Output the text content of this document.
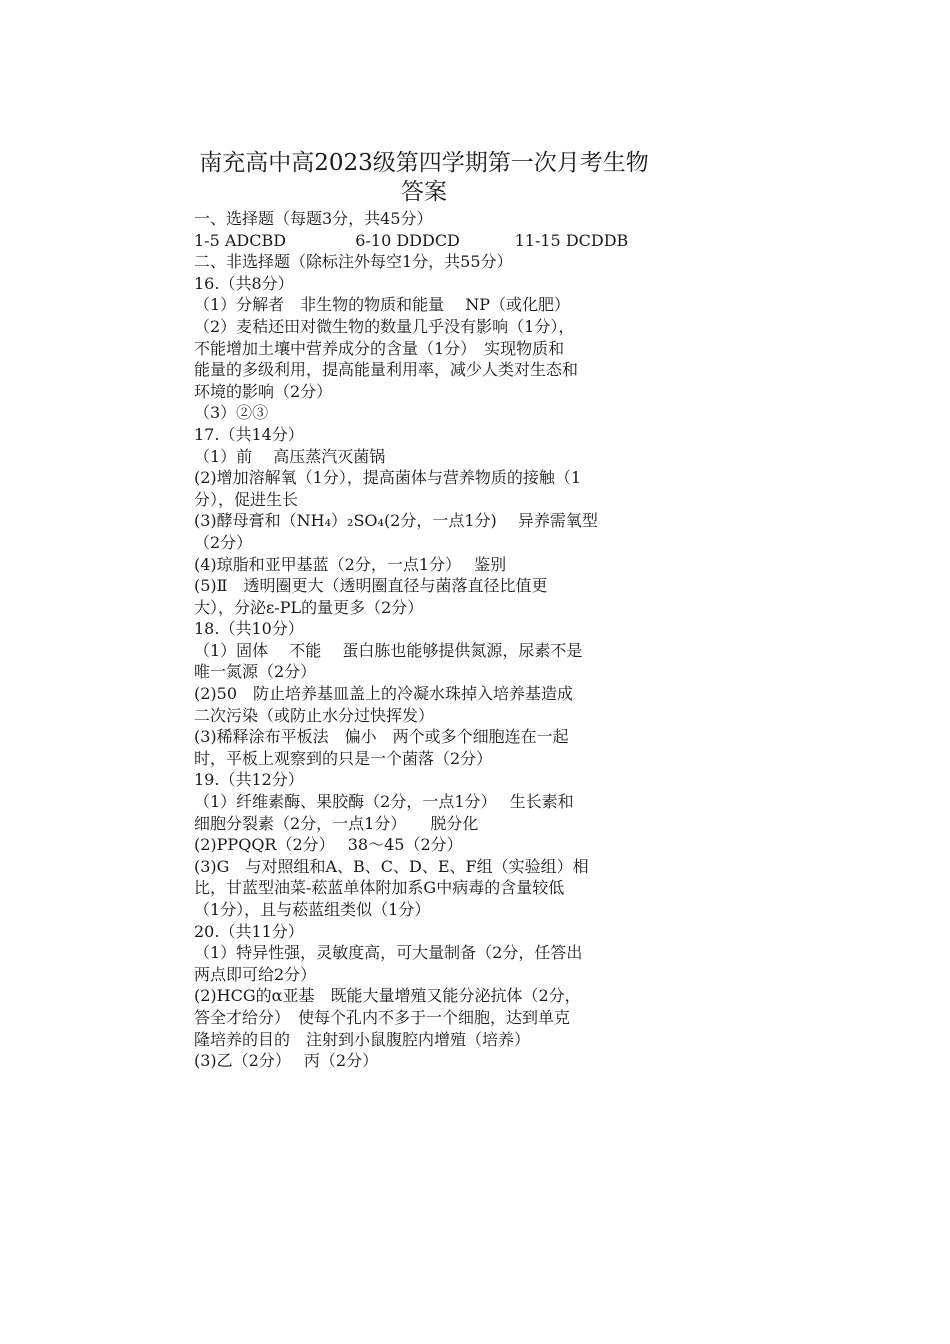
南充高中高2023级第四学期第一次月考生物
答案
一、选择题（每题3分，共45分）
1-5 ADCBD	6-10 DDDCD	11-15 DCDDB
二、非选择题（除标注外每空1分，共55分）
16.（共8分）
（1）分解者　非生物的物质和能量　 NP（或化肥）
（2）麦秸还田对微生物的数量几乎没有影响（1分），
不能增加土壤中营养成分的含量（1分）　实现物质和
能量的多级利用，提高能量利用率，减少人类对生态和
环境的影响（2分）
（3）②③
17.（共14分）
（1）前　 高压蒸汽灭菌锅
(2)增加溶解氧（1分），提高菌体与营养物质的接触（1
分），促进生长
(3)酵母膏和（NH₄）₂SO₄(2分，一点1分)　 异养需氧型
（2分）
(4)琼脂和亚甲基蓝（2分，一点1分）　 鉴别
(5)Ⅱ　透明圈更大（透明圈直径与菌落直径比值更
大），分泌ε-PL的量更多（2分）
18.（共10分）
（1）固体　 不能　 蛋白胨也能够提供氮源，尿素不是
唯一氮源（2分）
(2)50　防止培养基皿盖上的冷凝水珠掉入培养基造成
二次污染（或防止水分过快挥发）
(3)稀释涂布平板法　偏小　两个或多个细胞连在一起
时，平板上观察到的只是一个菌落（2分）
19.（共12分）
（1）纤维素酶、果胶酶（2分，一点1分）　 生长素和
细胞分裂素（2分，一点1分）　　脱分化
(2)PPQQR（2分）　 38～45（2分）
(3)G　与对照组和A、B、C、D、E、F组（实验组）相
比，甘蓝型油菜-菘蓝单体附加系G中病毒的含量较低
（1分），且与菘蓝组类似（1分）
20.（共11分）
（1）特异性强，灵敏度高，可大量制备（2分，任答出
两点即可给2分）
(2)HCG的α亚基　既能大量增殖又能分泌抗体（2分，
答全才给分）　使每个孔内不多于一个细胞，达到单克
隆培养的目的　注射到小鼠腹腔内增殖（培养）
(3)乙（2分）　 丙（2分）
